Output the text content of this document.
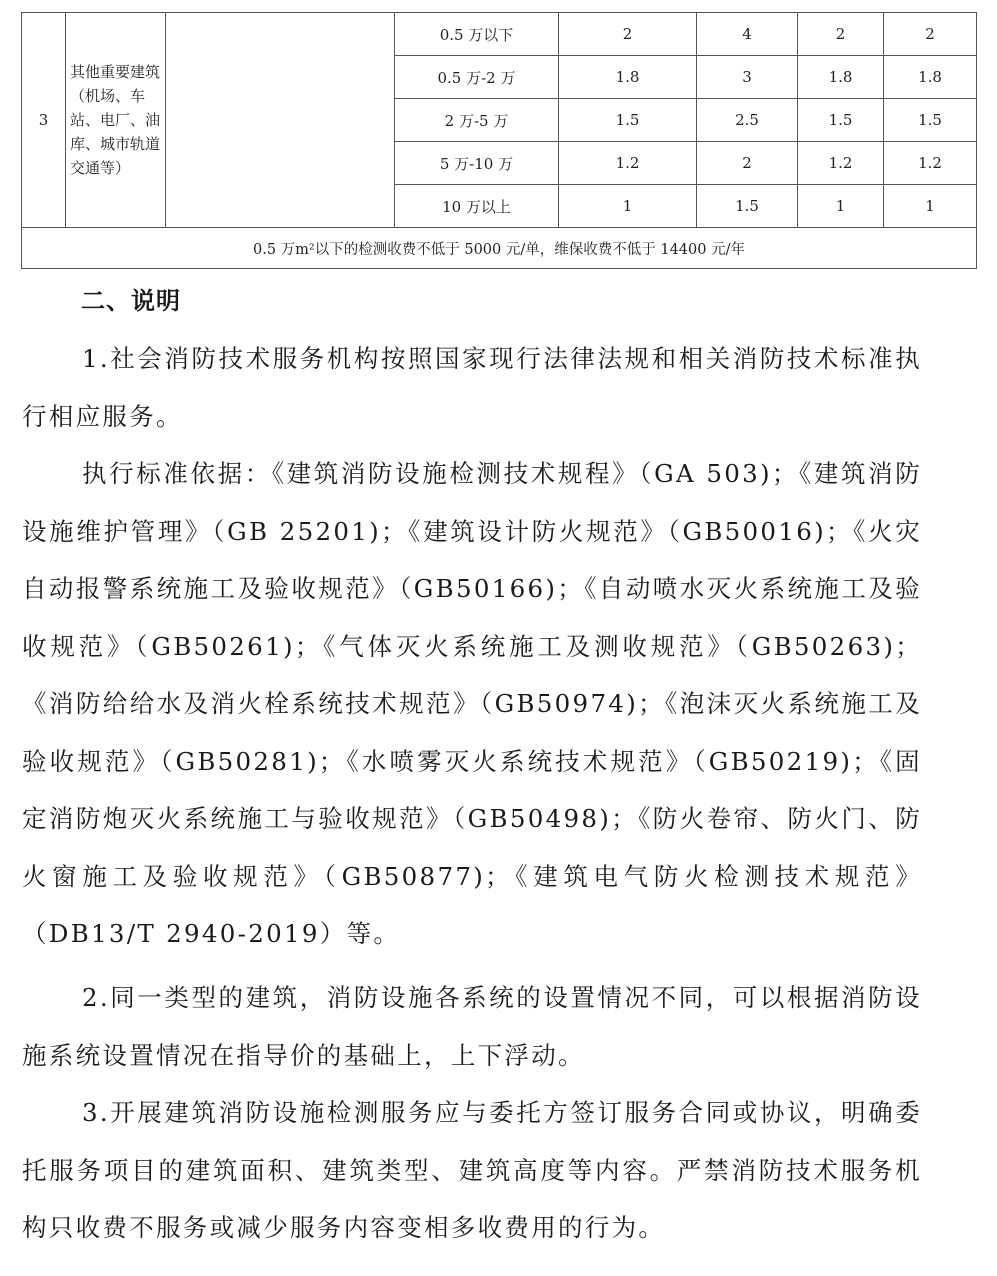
3	其他重要建筑（机场、车站、电厂、油库、城市轨道交通等）		0.5 万以下	2	4	2	2
			0.5 万-2 万	1.8	3	1.8	1.8
			2 万-5 万	1.5	2.5	1.5	1.5
			5 万-10 万	1.2	2	1.2	1.2
			10 万以上	1	1.5	1	1
0.5 万m²以下的检测收费不低于 5000 元/单，维保收费不低于 14400 元/年							
二、说明

1.社会消防技术服务机构按照国家现行法律法规和相关消防技术标准执行相应服务。

执行标准依据：《建筑消防设施检测技术规程》（GA 503)；《建筑消防设施维护管理》（GB 25201)；《建筑设计防火规范》（GB50016)；《火灾自动报警系统施工及验收规范》（GB50166)；《自动喷水灭火系统施工及验收规范》（GB50261)；《气体灭火系统施工及测收规范》（GB50263)；《消防给给水及消火栓系统技术规范》（GB50974)；《泡沫灭火系统施工及验收规范》（GB50281)；《水喷雾灭火系统技术规范》（GB50219)；《固定消防炮灭火系统施工与验收规范》（GB50498)；《防火卷帘、防火门、防火窗施工及验收规范》（GB50877)；《建筑电气防火检测技术规范》（DB13/T 2940-2019）等。

2.同一类型的建筑，消防设施各系统的设置情况不同，可以根据消防设施系统设置情况在指导价的基础上，上下浮动。

3.开展建筑消防设施检测服务应与委托方签订服务合同或协议，明确委托服务项目的建筑面积、建筑类型、建筑高度等内容。严禁消防技术服务机构只收费不服务或减少服务内容变相多收费用的行为。
